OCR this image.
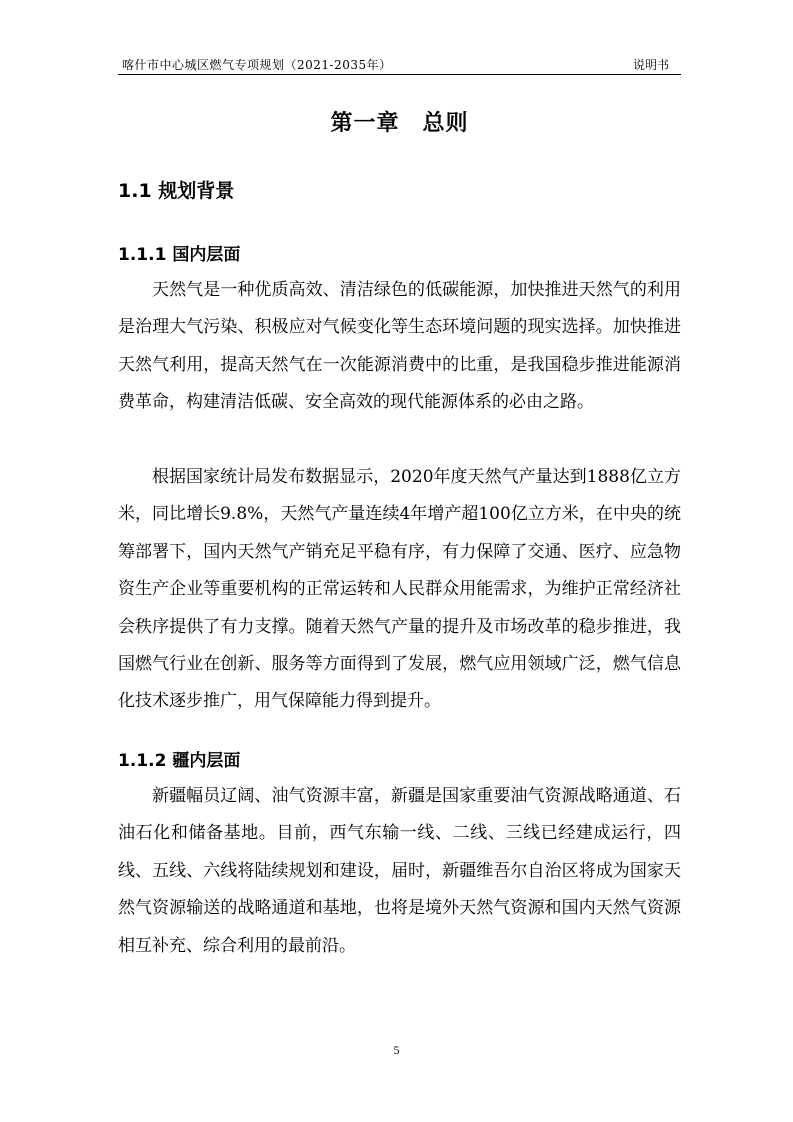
喀什市中心城区燃气专项规划（2021-2035年）	说明书
第一章　总则
1.1 规划背景
1.1.1 国内层面

天然气是一种优质高效、清洁绿色的低碳能源，加快推进天然气的利用是治理大气污染、积极应对气候变化等生态环境问题的现实选择。加快推进天然气利用，提高天然气在一次能源消费中的比重，是我国稳步推进能源消费革命，构建清洁低碳、安全高效的现代能源体系的必由之路。

根据国家统计局发布数据显示，2020年度天然气产量达到1888亿立方米，同比增长9.8%，天然气产量连续4年增产超100亿立方米，在中央的统筹部署下，国内天然气产销充足平稳有序，有力保障了交通、医疗、应急物资生产企业等重要机构的正常运转和人民群众用能需求，为维护正常经济社会秩序提供了有力支撑。随着天然气产量的提升及市场改革的稳步推进，我国燃气行业在创新、服务等方面得到了发展，燃气应用领域广泛，燃气信息化技术逐步推广，用气保障能力得到提升。

1.1.2 疆内层面

新疆幅员辽阔、油气资源丰富，新疆是国家重要油气资源战略通道、石油石化和储备基地。目前，西气东输一线、二线、三线已经建成运行，四线、五线、六线将陆续规划和建设，届时，新疆维吾尔自治区将成为国家天然气资源输送的战略通道和基地，也将是境外天然气资源和国内天然气资源相互补充、综合利用的最前沿。

5
